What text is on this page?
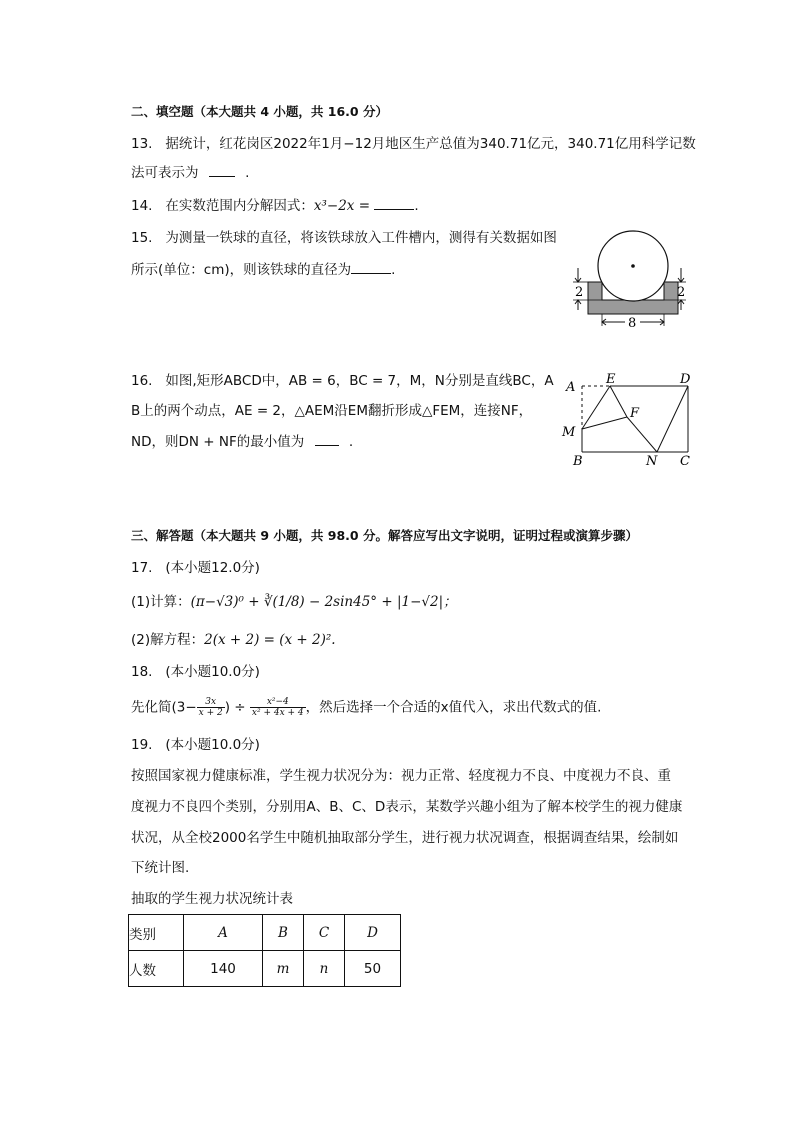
二、填空题（本大题共 4 小题，共 16.0 分）
13. 据统计，红花岗区2022年1月−12月地区生产总值为340.71亿元，340.71亿用科学记数
法可表示为	.
14. 在实数范围内分解因式：x³−2x =	.
15. 为测量一铁球的直径，将该铁球放入工件槽内，测得有关数据如图
所示(单位：cm)，则该铁球的直径为	.
2	2
8
16. 如图,矩形ABCD中，AB = 6，BC = 7，M，N分别是直线BC，A
B上的两个动点，AE = 2，△AEM沿EM翻折形成△FEM，连接NF，
ND，则DN + NF的最小值为	.
A
E	D
F
M
B	N C
三、解答题（本大题共 9 小题，共 98.0 分。解答应写出文字说明，证明过程或演算步骤）
17. (本小题12.0分)
(1)计算：(π−√3)⁰ + ∛(1/8) − 2sin45° + |1−√2|；
(2)解方程：2(x + 2) = (x + 2)².
18. (本小题10.0分)
先化简($3- \frac{3x}{x + 2}$ ) ÷ $\frac{\text{x²−4}}{\text{x² + 4x + 4}}$ ，然后选择一个合适的x值代入，求出代数式的值.
19. (本小题10.0分)
按照国家视力健康标准，学生视力状况分为：视力正常、轻度视力不良、中度视力不良、重
度视力不良四个类别，分别用A、B、C、D表示，某数学兴趣小组为了解本校学生的视力健康
状况，从全校2000名学生中随机抽取部分学生，进行视力状况调查，根据调查结果，绘制如
下统计图.
抽取的学生视力状况统计表
类别	A	B	C	D
人数	140	m	n	50
